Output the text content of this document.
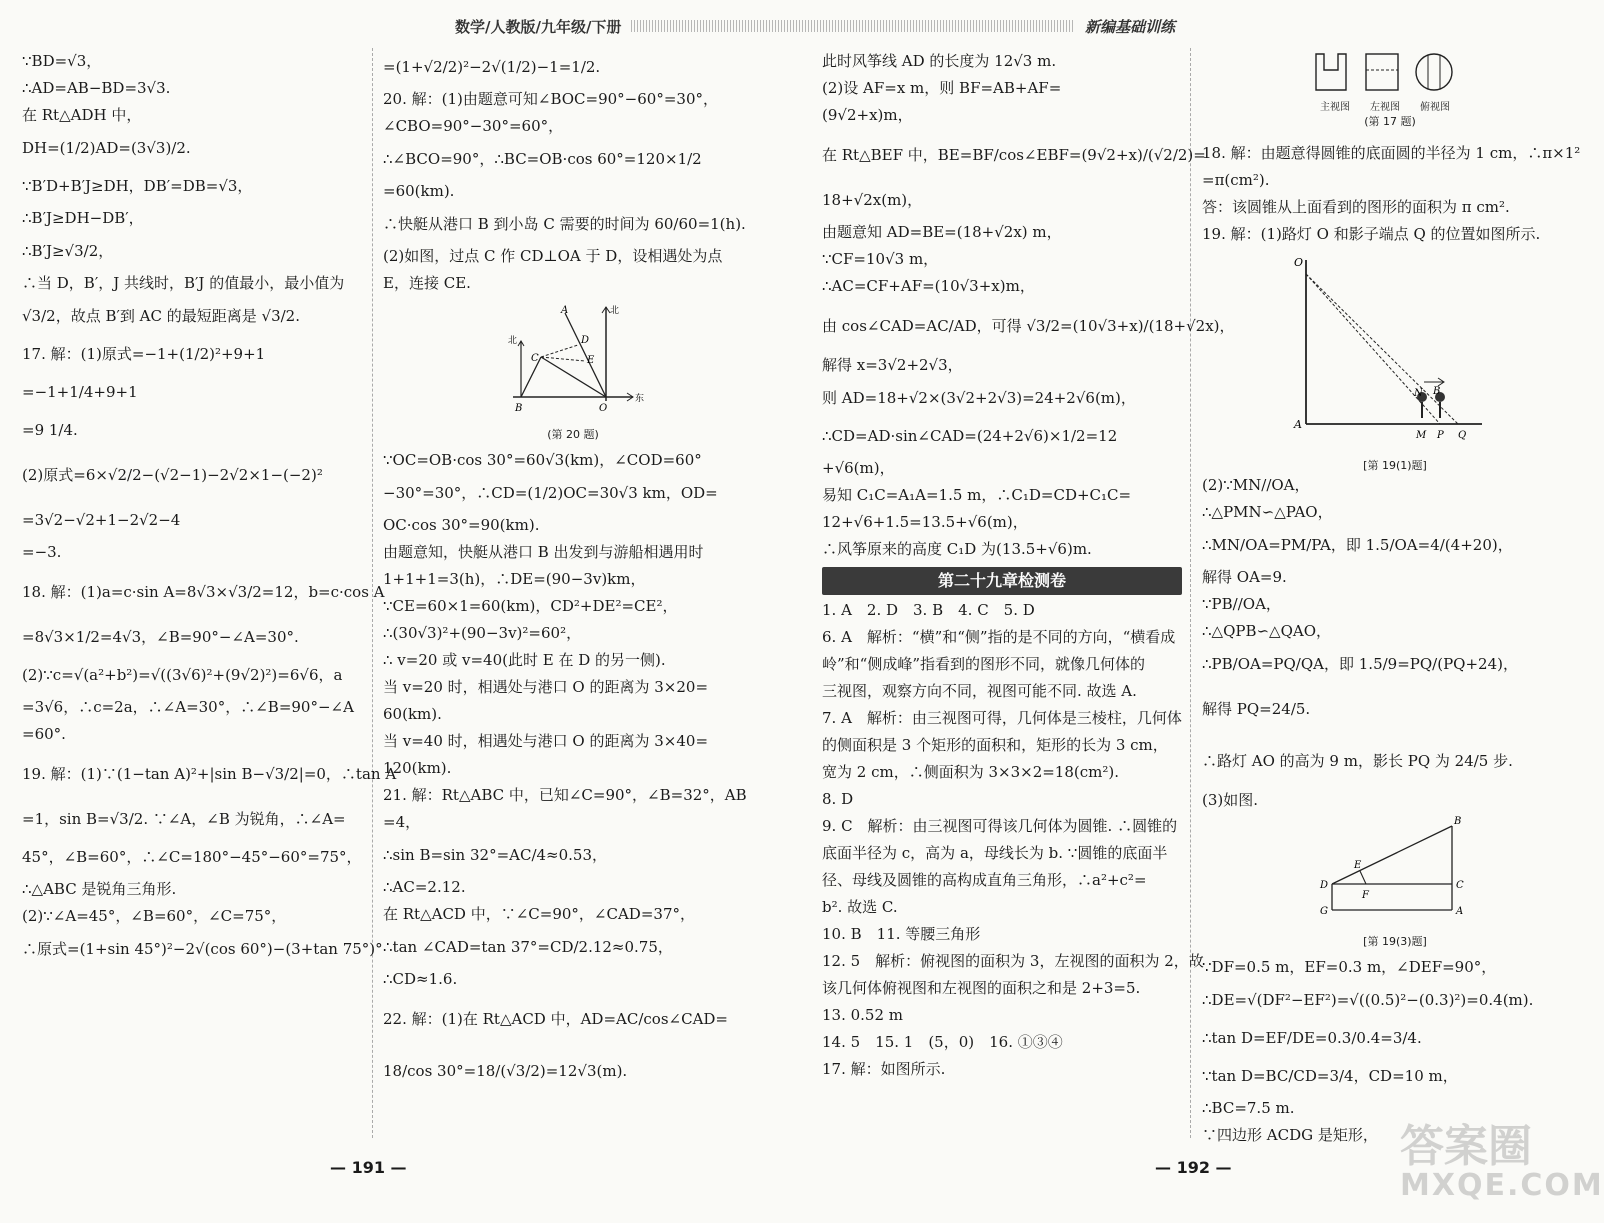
数学/人教版/九年级/下册	新编基础训练
∵BD=√3，
∴AD=AB−BD=3√3.
在 Rt△ADH 中，
DH=(1/2)AD=(3√3)/2.
∵B′D+B′J≥DH，DB′=DB=√3，
∴B′J≥DH−DB′，
∴B′J≥√3/2，
∴当 D，B′，J 共线时，B′J 的值最小，最小值为
√3/2，故点 B′到 AC 的最短距离是 √3/2.
17. 解：(1)原式=−1+(1/2)²+9+1
=−1+1/4+9+1
=9 1/4.
(2)原式=6×√2/2−(√2−1)−2√2×1−(−2)²
=3√2−√2+1−2√2−4
=−3.
18. 解：(1)a=c·sin A=8√3×√3/2=12，b=c·cos A
=8√3×1/2=4√3，∠B=90°−∠A=30°.
(2)∵c=√(a²+b²)=√((3√6)²+(9√2)²)=6√6，a
=3√6，∴c=2a，∴∠A=30°，∴∠B=90°−∠A
=60°.
19. 解：(1)∵(1−tan A)²+|sin B−√3/2|=0，∴tan A
=1，sin B=√3/2. ∵∠A，∠B 为锐角，∴∠A=
45°，∠B=60°，∴∠C=180°−45°−60°=75°，
∴△ABC 是锐角三角形.
(2)∵∠A=45°，∠B=60°，∠C=75°，
∴原式=(1+sin 45°)²−2√(cos 60°)−(3+tan 75°)°
=(1+√2/2)²−2√(1/2)−1=1/2.
20. 解：(1)由题意可知∠BOC=90°−60°=30°，
∠CBO=90°−30°=60°，
∴∠BCO=90°，∴BC=OB·cos 60°=120×1/2
=60(km).
∴快艇从港口 B 到小岛 C 需要的时间为 60/60=1(h).
(2)如图，过点 C 作 CD⊥OA 于 D，设相遇处为点
E，连接 CE.
A
D
E
C
B	O
北
北
东
(第 20 题)
∵OC=OB·cos 30°=60√3(km)，∠COD=60°
−30°=30°，∴CD=(1/2)OC=30√3 km，OD=
OC·cos 30°=90(km).
由题意知，快艇从港口 B 出发到与游船相遇用时
1+1+1=3(h)，∴DE=(90−3v)km，
∵CE=60×1=60(km)，CD²+DE²=CE²，
∴(30√3)²+(90−3v)²=60²，
∴ v=20 或 v=40(此时 E 在 D 的另一侧).
当 v=20 时，相遇处与港口 O 的距离为 3×20=
60(km).
当 v=40 时，相遇处与港口 O 的距离为 3×40=
120(km).
21. 解：Rt△ABC 中，已知∠C=90°，∠B=32°，AB
=4，
∴sin B=sin 32°=AC/4≈0.53，
∴AC=2.12.
在 Rt△ACD 中，∵∠C=90°，∠CAD=37°，
∴tan ∠CAD=tan 37°=CD/2.12≈0.75，
∴CD≈1.6.
22. 解：(1)在 Rt△ACD 中，AD=AC/cos∠CAD=
18/cos 30°=18/(√3/2)=12√3(m).
此时风筝线 AD 的长度为 12√3 m.
(2)设 AF=x m，则 BF=AB+AF=
(9√2+x)m，
在 Rt△BEF 中，BE=BF/cos∠EBF=(9√2+x)/(√2/2)=
18+√2x(m)，
由题意知 AD=BE=(18+√2x) m，
∵CF=10√3 m，
∴AC=CF+AF=(10√3+x)m，
由 cos∠CAD=AC/AD，可得 √3/2=(10√3+x)/(18+√2x)，
解得 x=3√2+2√3，
则 AD=18+√2×(3√2+2√3)=24+2√6(m)，
∴CD=AD·sin∠CAD=(24+2√6)×1/2=12
+√6(m)，
易知 C₁C=A₁A=1.5 m，∴C₁D=CD+C₁C=
12+√6+1.5=13.5+√6(m)，
∴风筝原来的高度 C₁D 为(13.5+√6)m.
第二十九章检测卷
1. A　2. D　3. B　4. C　5. D
6. A　解析：“横”和“侧”指的是不同的方向，“横看成
岭”和“侧成峰”指看到的图形不同，就像几何体的
三视图，观察方向不同，视图可能不同. 故选 A.
7. A　解析：由三视图可得，几何体是三棱柱，几何体
的侧面积是 3 个矩形的面积和，矩形的长为 3 cm，
宽为 2 cm，∴侧面积为 3×3×2=18(cm²).
8. D
9. C　解析：由三视图可得该几何体为圆锥. ∴圆锥的
底面半径为 c，高为 a，母线长为 b. ∵圆锥的底面半
径、母线及圆锥的高构成直角三角形，∴a²+c²=
b². 故选 C.
10. B　11. 等腰三角形
12. 5　解析：俯视图的面积为 3，左视图的面积为 2，故
该几何体俯视图和左视图的面积之和是 2+3=5.
13. 0.52 m
14. 5　15. 1　(5，0)　16. ①③④
17. 解：如图所示.
主视图	左视图	俯视图
(第 17 题)
18. 解：由题意得圆锥的底面圆的半径为 1 cm，∴π×1²
=π(cm²).
答：该圆锥从上面看到的图形的面积为 π cm².
19. 解：(1)路灯 O 和影子端点 Q 的位置如图所示.
O
A
N B
M P Q
[第 19(1)题]
(2)∵MN//OA，
∴△PMN∽△PAO，
∴MN/OA=PM/PA，即 1.5/OA=4/(4+20)，
解得 OA=9.
∵PB//OA，
∴△QPB∽△QAO，
∴PB/OA=PQ/QA，即 1.5/9=PQ/(PQ+24)，
解得 PQ=24/5.
∴路灯 AO 的高为 9 m，影长 PQ 为 24/5 步.
(3)如图.
B
E
D
F
C
G	A
[第 19(3)题]
∵DF=0.5 m，EF=0.3 m，∠DEF=90°，
∴DE=√(DF²−EF²)=√((0.5)²−(0.3)²)=0.4(m).
∴tan D=EF/DE=0.3/0.4=3/4.
∵tan D=BC/CD=3/4，CD=10 m，
∴BC=7.5 m.
∵四边形 ACDG 是矩形，
— 191 —	— 192 —	答案圈
MXQE.COM
